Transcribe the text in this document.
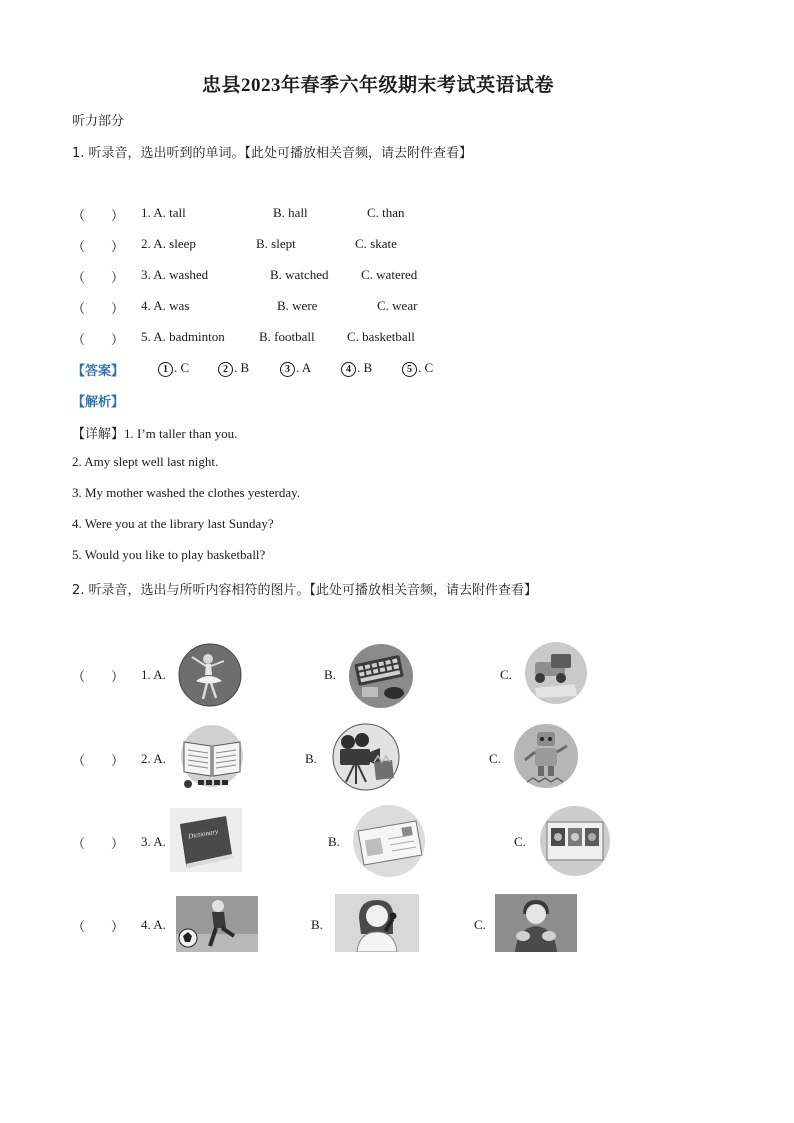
忠县2023年春季六年级期末考试英语试卷
听力部分
1. 听录音，选出听到的单词。【此处可播放相关音频，请去附件查看】
（　　） 1. A. tall	B. hall	C. than
（　　） 2. A. sleep	B. slept	C. skate
（　　） 3. A. washed	B. watched	C. watered
（　　） 4. A. was	B. were	C. wear
（　　） 5. A. badminton	B. football C. basketball
【答案】	1 . C	2 . B	3 . A	4 . B	5 . C
【解析】
【详解】1. I’m taller than you.
2. Amy slept well last night.
3. My mother washed the clothes yesterday.
4. Were you at the library last Sunday?
5. Would you like to play basketball?
2. 听录音，选出与所听内容相符的图片。【此处可播放相关音频，请去附件查看】
（　　） 1. A.	B.	C.
（　　） 2. A.	B.	C.
（　　） 3. A.	B.	C.
Dictionary
（　　） 4. A.	B.	C.
